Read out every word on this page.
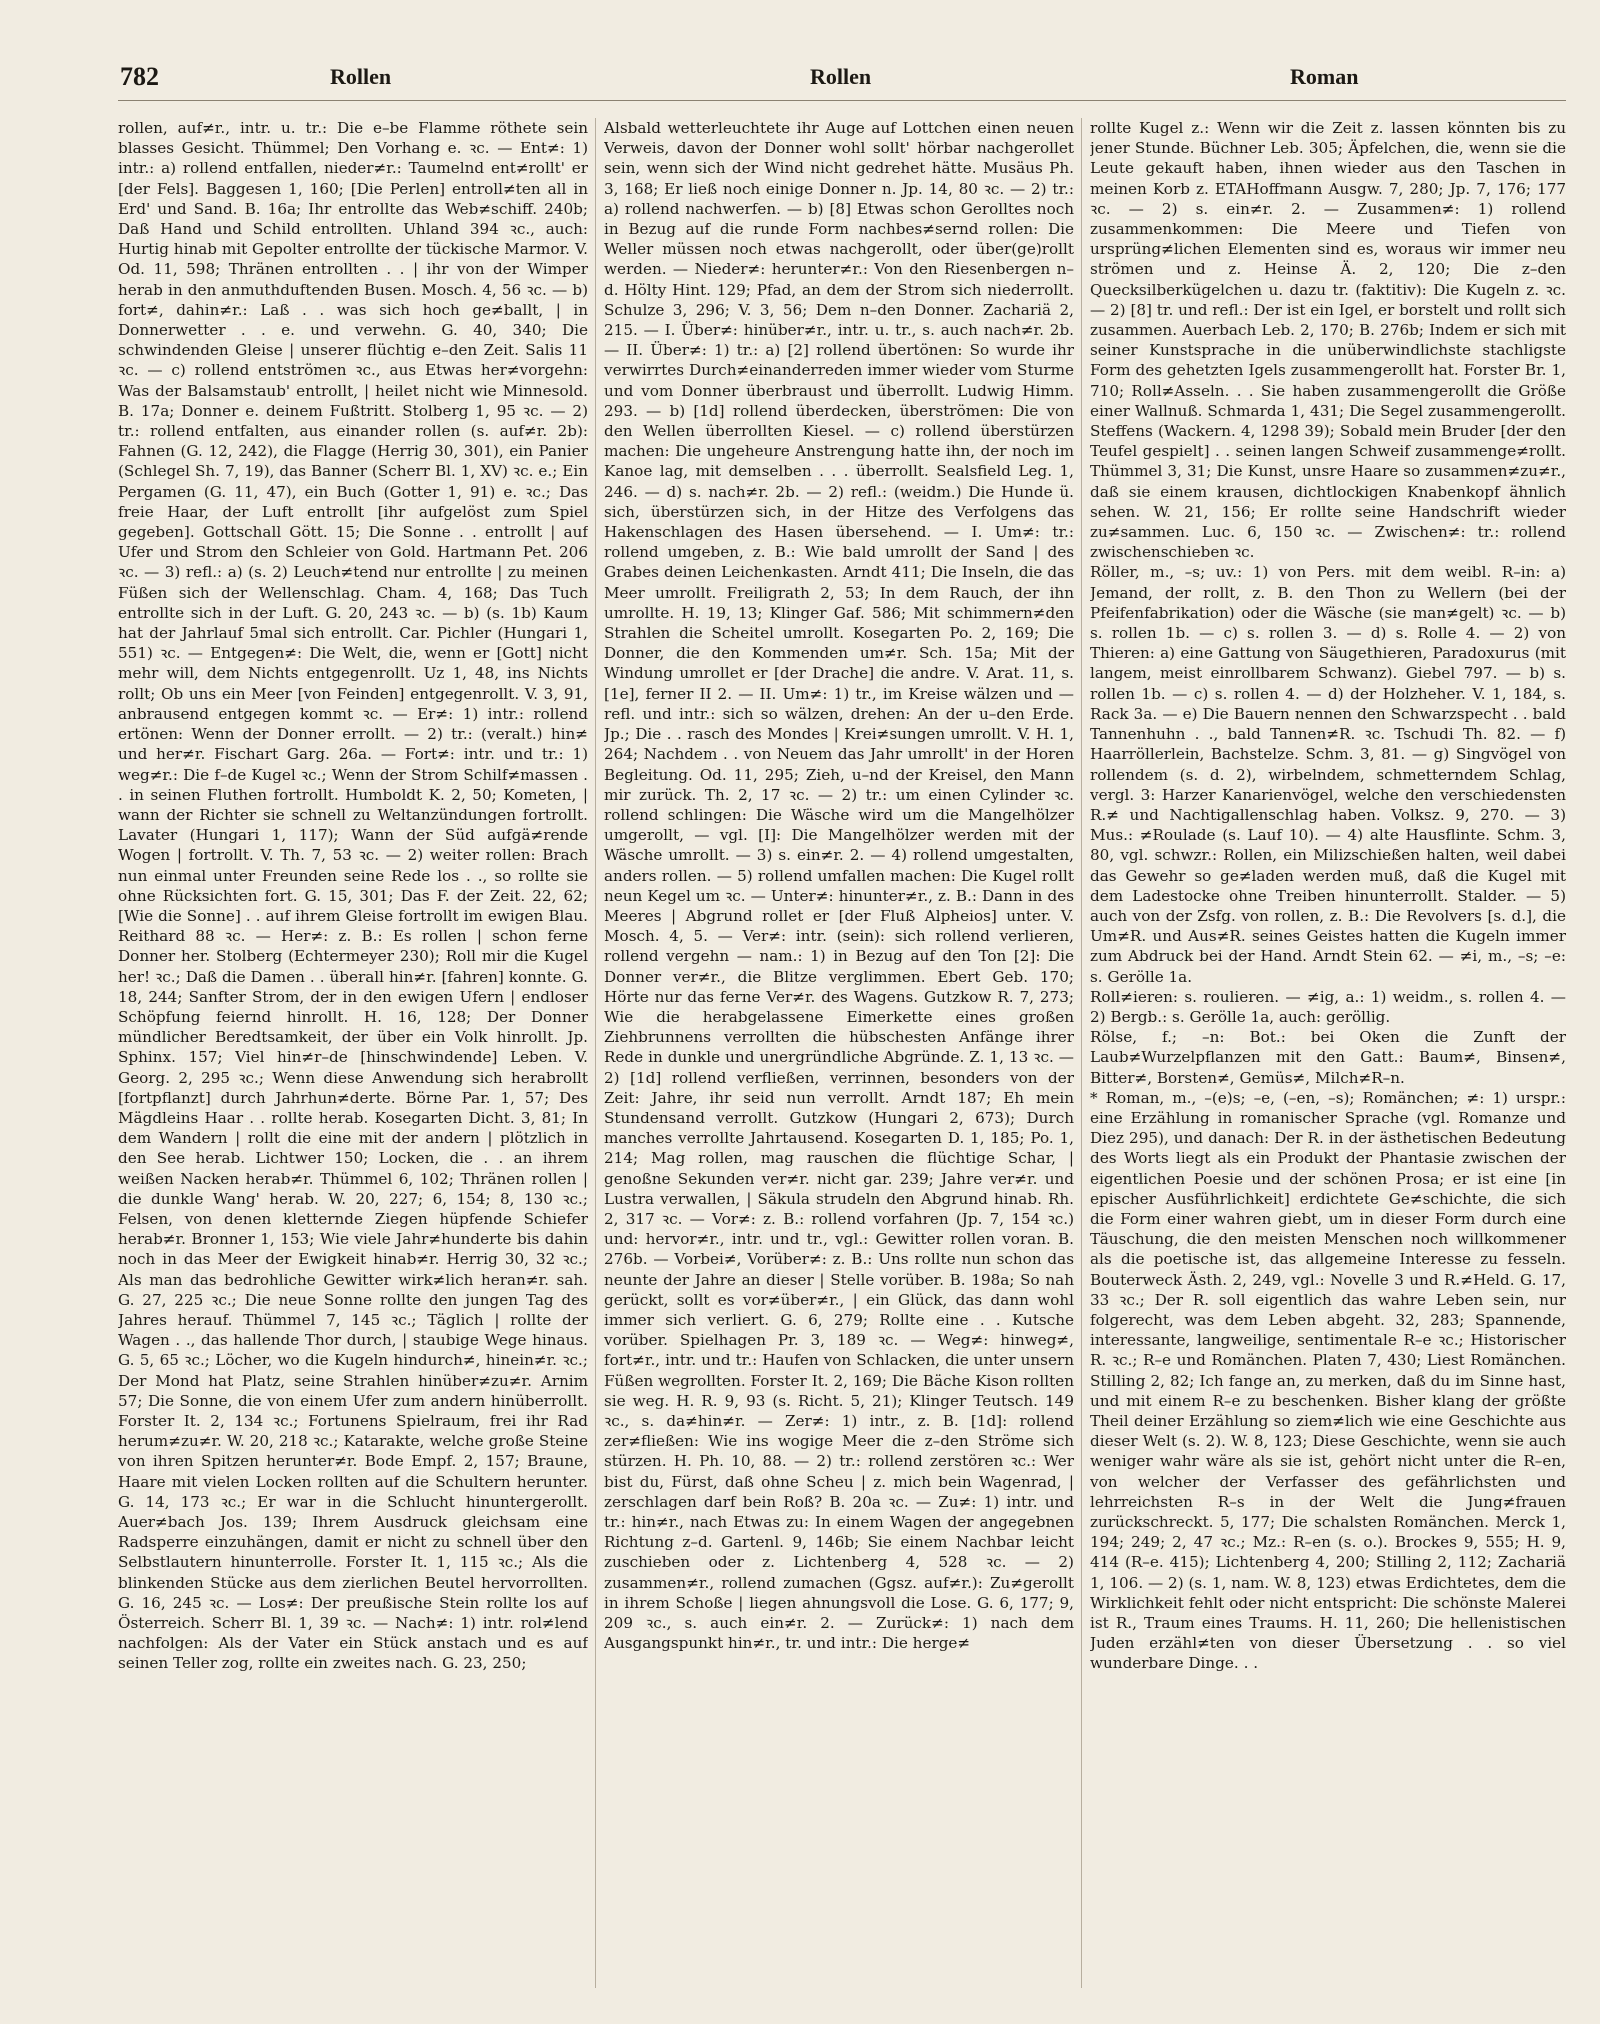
782	Rollen	Rollen	Roman

rollen, auf≠r., intr. u. tr.: Die e–be Flamme röthete sein blasses Gesicht. Thümmel; Den Vorhang e. ꝛc. — Ent≠: 1) intr.: a) rollend entfallen, nieder≠r.: Taumelnd ent≠rollt' er [der Fels]. Baggesen 1, 160; [Die Perlen] entroll≠ten all in Erd' und Sand. B. 16a; Ihr entrollte das Web≠schiff. 240b; Daß Hand und Schild entrollten. Uhland 394 ꝛc., auch: Hurtig hinab mit Gepolter entrollte der tückische Marmor. V. Od. 11, 598; Thränen entrollten . . | ihr von der Wimper herab in den anmuthduftenden Busen. Mosch. 4, 56 ꝛc. — b) fort≠, dahin≠r.: Laß . . was sich hoch ge≠ballt, | in Donnerwetter . . e. und verwehn. G. 40, 340; Die schwindenden Gleise | unserer flüchtig e–den Zeit. Salis 11 ꝛc. — c) rollend entströmen ꝛc., aus Etwas her≠vorgehn: Was der Balsamstaub' entrollt, | heilet nicht wie Minnesold. B. 17a; Donner e. deinem Fußtritt. Stolberg 1, 95 ꝛc. — 2) tr.: rollend entfalten, aus einander rollen (s. auf≠r. 2b): Fahnen (G. 12, 242), die Flagge (Herrig 30, 301), ein Panier (Schlegel Sh. 7, 19), das Banner (Scherr Bl. 1, XV) ꝛc. e.; Ein Pergamen (G. 11, 47), ein Buch (Gotter 1, 91) e. ꝛc.; Das freie Haar, der Luft entrollt [ihr aufgelöst zum Spiel gegeben]. Gottschall Gött. 15; Die Sonne . . entrollt | auf Ufer und Strom den Schleier von Gold. Hartmann Pet. 206 ꝛc. — 3) refl.: a) (s. 2) Leuch≠tend nur entrollte | zu meinen Füßen sich der Wellenschlag. Cham. 4, 168; Das Tuch entrollte sich in der Luft. G. 20, 243 ꝛc. — b) (s. 1b) Kaum hat der Jahrlauf 5mal sich entrollt. Car. Pichler (Hungari 1, 551) ꝛc. — Entgegen≠: Die Welt, die, wenn er [Gott] nicht mehr will, dem Nichts entgegenrollt. Uz 1, 48, ins Nichts rollt; Ob uns ein Meer [von Feinden] entgegenrollt. V. 3, 91, anbrausend entgegen kommt ꝛc. — Er≠: 1) intr.: rollend ertönen: Wenn der Donner errollt. — 2) tr.: (veralt.) hin≠ und her≠r. Fischart Garg. 26a. — Fort≠: intr. und tr.: 1) weg≠r.: Die f–de Kugel ꝛc.; Wenn der Strom Schilf≠massen . . in seinen Fluthen fortrollt. Humboldt K. 2, 50; Kometen, | wann der Richter sie schnell zu Weltanzündungen fortrollt. Lavater (Hungari 1, 117); Wann der Süd aufgä≠rende Wogen | fortrollt. V. Th. 7, 53 ꝛc. — 2) weiter rollen: Brach nun einmal unter Freunden seine Rede los . ., so rollte sie ohne Rücksichten fort. G. 15, 301; Das F. der Zeit. 22, 62; [Wie die Sonne] . . auf ihrem Gleise fortrollt im ewigen Blau. Reithard 88 ꝛc. — Her≠: z. B.: Es rollen | schon ferne Donner her. Stolberg (Echtermeyer 230); Roll mir die Kugel her! ꝛc.; Daß die Damen . . überall hin≠r. [fahren] konnte. G. 18, 244; Sanfter Strom, der in den ewigen Ufern | endloser Schöpfung feiernd hinrollt. H. 16, 128; Der Donner mündlicher Beredtsamkeit, der über ein Volk hinrollt. Jp. Sphinx. 157; Viel hin≠r–de [hinschwindende] Leben. V. Georg. 2, 295 ꝛc.; Wenn diese Anwendung sich herabrollt [fortpflanzt] durch Jahrhun≠derte. Börne Par. 1, 57; Des Mägdleins Haar . . rollte herab. Kosegarten Dicht. 3, 81; In dem Wandern | rollt die eine mit der andern | plötzlich in den See herab. Lichtwer 150; Locken, die . . an ihrem weißen Nacken herab≠r. Thümmel 6, 102; Thränen rollen | die dunkle Wang' herab. W. 20, 227; 6, 154; 8, 130 ꝛc.; Felsen, von denen kletternde Ziegen hüpfende Schiefer herab≠r. Bronner 1, 153; Wie viele Jahr≠hunderte bis dahin noch in das Meer der Ewigkeit hinab≠r. Herrig 30, 32 ꝛc.; Als man das bedrohliche Gewitter wirk≠lich heran≠r. sah. G. 27, 225 ꝛc.; Die neue Sonne rollte den jungen Tag des Jahres herauf. Thümmel 7, 145 ꝛc.; Täglich | rollte der Wagen . ., das hallende Thor durch, | staubige Wege hinaus. G. 5, 65 ꝛc.; Löcher, wo die Kugeln hindurch≠, hinein≠r. ꝛc.; Der Mond hat Platz, seine Strahlen hinüber≠zu≠r. Arnim 57; Die Sonne, die von einem Ufer zum andern hinüberrollt. Forster It. 2, 134 ꝛc.; Fortunens Spielraum, frei ihr Rad herum≠zu≠r. W. 20, 218 ꝛc.; Katarakte, welche große Steine von ihren Spitzen herunter≠r. Bode Empf. 2, 157; Braune, Haare mit vielen Locken rollten auf die Schultern herunter. G. 14, 173 ꝛc.; Er war in die Schlucht hinuntergerollt. Auer≠bach Jos. 139; Ihrem Ausdruck gleichsam eine Radsperre einzuhängen, damit er nicht zu schnell über den Selbstlautern hinunterrolle. Forster It. 1, 115 ꝛc.; Als die blinkenden Stücke aus dem zierlichen Beutel hervorrollten. G. 16, 245 ꝛc. — Los≠: Der preußische Stein rollte los auf Österreich. Scherr Bl. 1, 39 ꝛc. — Nach≠: 1) intr. rol≠lend nachfolgen: Als der Vater ein Stück anstach und es auf seinen Teller zog, rollte ein zweites nach. G. 23, 250;

Alsbald wetterleuchtete ihr Auge auf Lottchen einen neuen Verweis, davon der Donner wohl sollt' hörbar nachgerollet sein, wenn sich der Wind nicht gedrehet hätte. Musäus Ph. 3, 168; Er ließ noch einige Donner n. Jp. 14, 80 ꝛc. — 2) tr.: a) rollend nachwerfen. — b) [8] Etwas schon Gerolltes noch in Bezug auf die runde Form nachbes≠sernd rollen: Die Weller müssen noch etwas nachgerollt, oder über(ge)rollt werden. — Nieder≠: herunter≠r.: Von den Riesenbergen n–d. Hölty Hint. 129; Pfad, an dem der Strom sich niederrollt. Schulze 3, 296; V. 3, 56; Dem n–den Donner. Zachariä 2, 215. — I. Über≠: hinüber≠r., intr. u. tr., s. auch nach≠r. 2b. — II. Über≠: 1) tr.: a) [2] rollend übertönen: So wurde ihr verwirrtes Durch≠einanderreden immer wieder vom Sturme und vom Donner überbraust und überrollt. Ludwig Himm. 293. — b) [1d] rollend überdecken, überströmen: Die von den Wellen überrollten Kiesel. — c) rollend überstürzen machen: Die ungeheure Anstrengung hatte ihn, der noch im Kanoe lag, mit demselben . . . überrollt. Sealsfield Leg. 1, 246. — d) s. nach≠r. 2b. — 2) refl.: (weidm.) Die Hunde ü. sich, überstürzen sich, in der Hitze des Verfolgens das Hakenschlagen des Hasen übersehend. — I. Um≠: tr.: rollend umgeben, z. B.: Wie bald umrollt der Sand | des Grabes deinen Leichenkasten. Arndt 411; Die Inseln, die das Meer umrollt. Freiligrath 2, 53; In dem Rauch, der ihn umrollte. H. 19, 13; Klinger Gaf. 586; Mit schimmern≠den Strahlen die Scheitel umrollt. Kosegarten Po. 2, 169; Die Donner, die den Kommenden um≠r. Sch. 15a; Mit der Windung umrollet er [der Drache] die andre. V. Arat. 11, s. [1e], ferner II 2. — II. Um≠: 1) tr., im Kreise wälzen und — refl. und intr.: sich so wälzen, drehen: An der u–den Erde. Jp.; Die . . rasch des Mondes | Krei≠sungen umrollt. V. H. 1, 264; Nachdem . . von Neuem das Jahr umrollt' in der Horen Begleitung. Od. 11, 295; Zieh, u–nd der Kreisel, den Mann mir zurück. Th. 2, 17 ꝛc. — 2) tr.: um einen Cylinder ꝛc. rollend schlingen: Die Wäsche wird um die Mangelhölzer umgerollt, — vgl. [I]: Die Mangelhölzer werden mit der Wäsche umrollt. — 3) s. ein≠r. 2. — 4) rollend umgestalten, anders rollen. — 5) rollend umfallen machen: Die Kugel rollt neun Kegel um ꝛc. — Unter≠: hinunter≠r., z. B.: Dann in des Meeres | Abgrund rollet er [der Fluß Alpheios] unter. V. Mosch. 4, 5. — Ver≠: intr. (sein): sich rollend verlieren, rollend vergehn — nam.: 1) in Bezug auf den Ton [2]: Die Donner ver≠r., die Blitze verglimmen. Ebert Geb. 170; Hörte nur das ferne Ver≠r. des Wagens. Gutzkow R. 7, 273; Wie die herabgelassene Eimerkette eines großen Ziehbrunnens verrollten die hübschesten Anfänge ihrer Rede in dunkle und unergründliche Abgründe. Z. 1, 13 ꝛc. — 2) [1d] rollend verfließen, verrinnen, besonders von der Zeit: Jahre, ihr seid nun verrollt. Arndt 187; Eh mein Stundensand verrollt. Gutzkow (Hungari 2, 673); Durch manches verrollte Jahrtausend. Kosegarten D. 1, 185; Po. 1, 214; Mag rollen, mag rauschen die flüchtige Schar, | genoßne Sekunden ver≠r. nicht gar. 239; Jahre ver≠r. und Lustra verwallen, | Säkula strudeln den Abgrund hinab. Rh. 2, 317 ꝛc. — Vor≠: z. B.: rollend vorfahren (Jp. 7, 154 ꝛc.) und: hervor≠r., intr. und tr., vgl.: Gewitter rollen voran. B. 276b. — Vorbei≠, Vorüber≠: z. B.: Uns rollte nun schon das neunte der Jahre an dieser | Stelle vorüber. B. 198a; So nah gerückt, sollt es vor≠über≠r., | ein Glück, das dann wohl immer sich verliert. G. 6, 279; Rollte eine . . Kutsche vorüber. Spielhagen Pr. 3, 189 ꝛc. — Weg≠: hinweg≠, fort≠r., intr. und tr.: Haufen von Schlacken, die unter unsern Füßen wegrollten. Forster It. 2, 169; Die Bäche Kison rollten sie weg. H. R. 9, 93 (s. Richt. 5, 21); Klinger Teutsch. 149 ꝛc., s. da≠hin≠r. — Zer≠: 1) intr., z. B. [1d]: rollend zer≠fließen: Wie ins wogige Meer die z–den Ströme sich stürzen. H. Ph. 10, 88. — 2) tr.: rollend zerstören ꝛc.: Wer bist du, Fürst, daß ohne Scheu | z. mich bein Wagenrad, | zerschlagen darf bein Roß? B. 20a ꝛc. — Zu≠: 1) intr. und tr.: hin≠r., nach Etwas zu: In einem Wagen der angegebnen Richtung z–d. Gartenl. 9, 146b; Sie einem Nachbar leicht zuschieben oder z. Lichtenberg 4, 528 ꝛc. — 2) zusammen≠r., rollend zumachen (Ggsz. auf≠r.): Zu≠gerollt in ihrem Schoße | liegen ahnungsvoll die Lose. G. 6, 177; 9, 209 ꝛc., s. auch ein≠r. 2. — Zurück≠: 1) nach dem Ausgangspunkt hin≠r., tr. und intr.: Die herge≠

rollte Kugel z.: Wenn wir die Zeit z. lassen könnten bis zu jener Stunde. Büchner Leb. 305; Äpfelchen, die, wenn sie die Leute gekauft haben, ihnen wieder aus den Taschen in meinen Korb z. ETAHoffmann Ausgw. 7, 280; Jp. 7, 176; 177 ꝛc. — 2) s. ein≠r. 2. — Zusammen≠: 1) rollend zusammenkommen: Die Meere und Tiefen von ursprüng≠lichen Elementen sind es, woraus wir immer neu strömen und z. Heinse Ä. 2, 120; Die z–den Quecksilberkügelchen u. dazu tr. (faktitiv): Die Kugeln z. ꝛc. — 2) [8] tr. und refl.: Der ist ein Igel, er borstelt und rollt sich zusammen. Auerbach Leb. 2, 170; B. 276b; Indem er sich mit seiner Kunstsprache in die unüberwindlichste stachligste Form des gehetzten Igels zusammengerollt hat. Forster Br. 1, 710; Roll≠Asseln. . . Sie haben zusammengerollt die Größe einer Wallnuß. Schmarda 1, 431; Die Segel zusammengerollt. Steffens (Wackern. 4, 1298 39); Sobald mein Bruder [der den Teufel gespielt] . . seinen langen Schweif zusammenge≠rollt. Thümmel 3, 31; Die Kunst, unsre Haare so zusammen≠zu≠r., daß sie einem krausen, dichtlockigen Knabenkopf ähnlich sehen. W. 21, 156; Er rollte seine Handschrift wieder zu≠sammen. Luc. 6, 150 ꝛc. — Zwischen≠: tr.: rollend zwischenschieben ꝛc.
Röller, m., –s; uv.: 1) von Pers. mit dem weibl. R–in: a) Jemand, der rollt, z. B. den Thon zu Wellern (bei der Pfeifenfabrikation) oder die Wäsche (sie man≠gelt) ꝛc. — b) s. rollen 1b. — c) s. rollen 3. — d) s. Rolle 4. — 2) von Thieren: a) eine Gattung von Säugethieren, Paradoxurus (mit langem, meist einrollbarem Schwanz). Giebel 797. — b) s. rollen 1b. — c) s. rollen 4. — d) der Holzheher. V. 1, 184, s. Rack 3a. — e) Die Bauern nennen den Schwarzspecht . . bald Tannenhuhn . ., bald Tannen≠R. ꝛc. Tschudi Th. 82. — f) Haarröllerlein, Bachstelze. Schm. 3, 81. — g) Singvögel von rollendem (s. d. 2), wirbelndem, schmetterndem Schlag, vergl. 3: Harzer Kanarienvögel, welche den verschiedensten R.≠ und Nachtigallenschlag haben. Volksz. 9, 270. — 3) Mus.: ≠Roulade (s. Lauf 10). — 4) alte Hausflinte. Schm. 3, 80, vgl. schwzr.: Rollen, ein Milizschießen halten, weil dabei das Gewehr so ge≠laden werden muß, daß die Kugel mit dem Ladestocke ohne Treiben hinunterrollt. Stalder. — 5) auch von der Zsfg. von rollen, z. B.: Die Revolvers [s. d.], die Um≠R. und Aus≠R. seines Geistes hatten die Kugeln immer zum Abdruck bei der Hand. Arndt Stein 62. — ≠i, m., –s; –e: s. Gerölle 1a.
Roll≠ieren: s. roulieren. — ≠ig, a.: 1) weidm., s. rollen 4. — 2) Bergb.: s. Gerölle 1a, auch: geröllig.
Rölse, f.; –n: Bot.: bei Oken die Zunft der Laub≠Wurzelpflanzen mit den Gatt.: Baum≠, Binsen≠, Bitter≠, Borsten≠, Gemüs≠, Milch≠R–n.
* Roman, m., –(e)s; –e, (–en, –s); Romänchen; ≠: 1) urspr.: eine Erzählung in romanischer Sprache (vgl. Romanze und Diez 295), und danach: Der R. in der ästhetischen Bedeutung des Worts liegt als ein Produkt der Phantasie zwischen der eigentlichen Poesie und der schönen Prosa; er ist eine [in epischer Ausführlichkeit] erdichtete Ge≠schichte, die sich die Form einer wahren giebt, um in dieser Form durch eine Täuschung, die den meisten Menschen noch willkommener als die poetische ist, das allgemeine Interesse zu fesseln. Bouterweck Ästh. 2, 249, vgl.: Novelle 3 und R.≠Held. G. 17, 33 ꝛc.; Der R. soll eigentlich das wahre Leben sein, nur folgerecht, was dem Leben abgeht. 32, 283; Spannende, interessante, langweilige, sentimentale R–e ꝛc.; Historischer R. ꝛc.; R–e und Romänchen. Platen 7, 430; Liest Romänchen. Stilling 2, 82; Ich fange an, zu merken, daß du im Sinne hast, und mit einem R–e zu beschenken. Bisher klang der größte Theil deiner Erzählung so ziem≠lich wie eine Geschichte aus dieser Welt (s. 2). W. 8, 123; Diese Geschichte, wenn sie auch weniger wahr wäre als sie ist, gehört nicht unter die R–en, von welcher der Verfasser des gefährlichsten und lehrreichsten R–s in der Welt die Jung≠frauen zurückschreckt. 5, 177; Die schalsten Romänchen. Merck 1, 194; 249; 2, 47 ꝛc.; Mz.: R–en (s. o.). Brockes 9, 555; H. 9, 414 (R–e. 415); Lichtenberg 4, 200; Stilling 2, 112; Zachariä 1, 106. — 2) (s. 1, nam. W. 8, 123) etwas Erdichtetes, dem die Wirklichkeit fehlt oder nicht entspricht: Die schönste Malerei ist R., Traum eines Traums. H. 11, 260; Die hellenistischen Juden erzähl≠ten von dieser Übersetzung . . so viel wunderbare Dinge. . .
